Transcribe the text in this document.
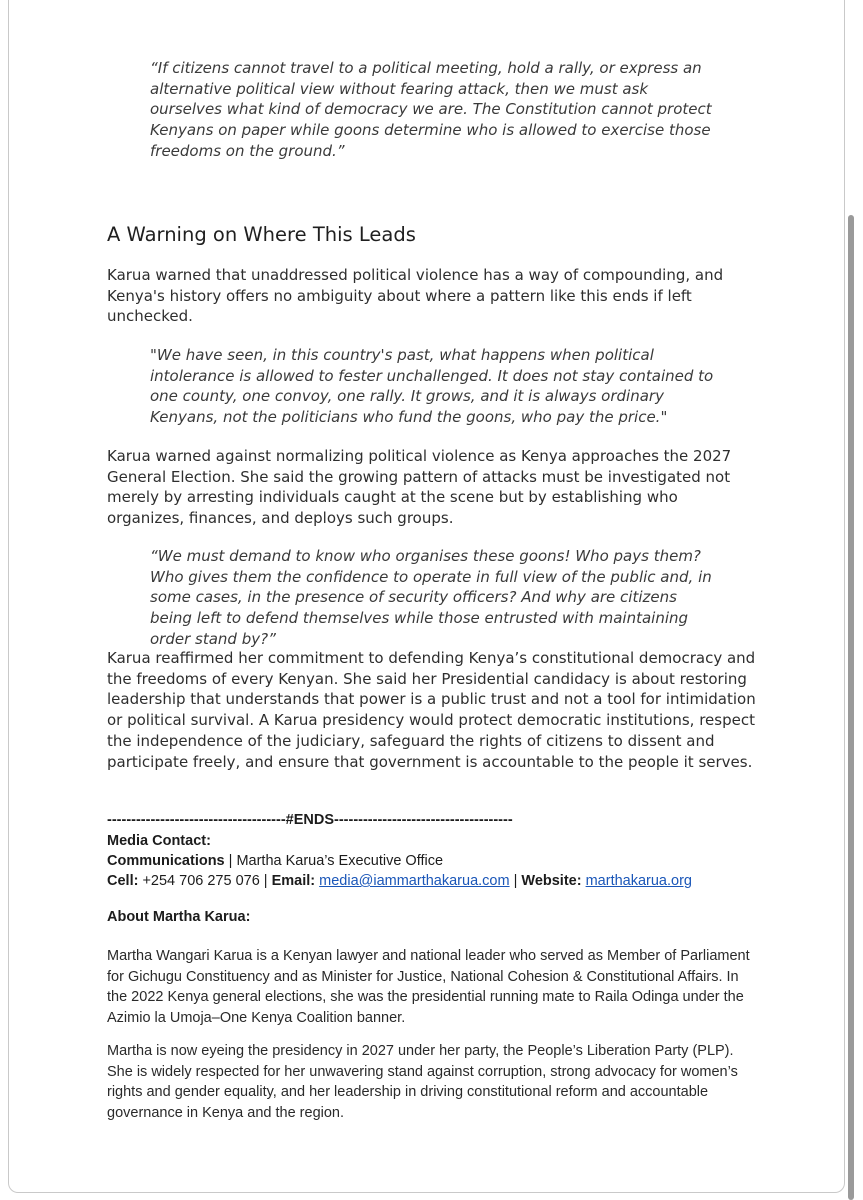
“If citizens cannot travel to a political meeting, hold a rally, or express an alternative political view without fearing attack, then we must ask ourselves what kind of democracy we are. The Constitution cannot protect Kenyans on paper while goons determine who is allowed to exercise those freedoms on the ground.”

A Warning on Where This Leads

Karua warned that unaddressed political violence has a way of compounding, and Kenya's history offers no ambiguity about where a pattern like this ends if left unchecked.

"We have seen, in this country's past, what happens when political intolerance is allowed to fester unchallenged. It does not stay contained to one county, one convoy, one rally. It grows, and it is always ordinary Kenyans, not the politicians who fund the goons, who pay the price."

Karua warned against normalizing political violence as Kenya approaches the 2027 General Election. She said the growing pattern of attacks must be investigated not merely by arresting individuals caught at the scene but by establishing who organizes, finances, and deploys such groups.

“We must demand to know who organises these goons! Who pays them? Who gives them the confidence to operate in full view of the public and, in some cases, in the presence of security officers? And why are citizens being left to defend themselves while those entrusted with maintaining order stand by?”

Karua reaffirmed her commitment to defending Kenya’s constitutional democracy and the freedoms of every Kenyan. She said her Presidential candidacy is about restoring leadership that understands that power is a public trust and not a tool for intimidation or political survival. A Karua presidency would protect democratic institutions, respect the independence of the judiciary, safeguard the rights of citizens to dissent and participate freely, and ensure that government is accountable to the people it serves.

-------------------------------------#ENDS-------------------------------------
Media Contact:
Communications | Martha Karua’s Executive Office
Cell: +254 706 275 076 | Email: media@iammarthakarua.com | Website: marthakarua.org
About Martha Karua:

Martha Wangari Karua is a Kenyan lawyer and national leader who served as Member of Parliament for Gichugu Constituency and as Minister for Justice, National Cohesion & Constitutional Affairs. In the 2022 Kenya general elections, she was the presidential running mate to Raila Odinga under the Azimio la Umoja–One Kenya Coalition banner.

Martha is now eyeing the presidency in 2027 under her party, the People’s Liberation Party (PLP). She is widely respected for her unwavering stand against corruption, strong advocacy for women’s rights and gender equality, and her leadership in driving constitutional reform and accountable governance in Kenya and the region.
